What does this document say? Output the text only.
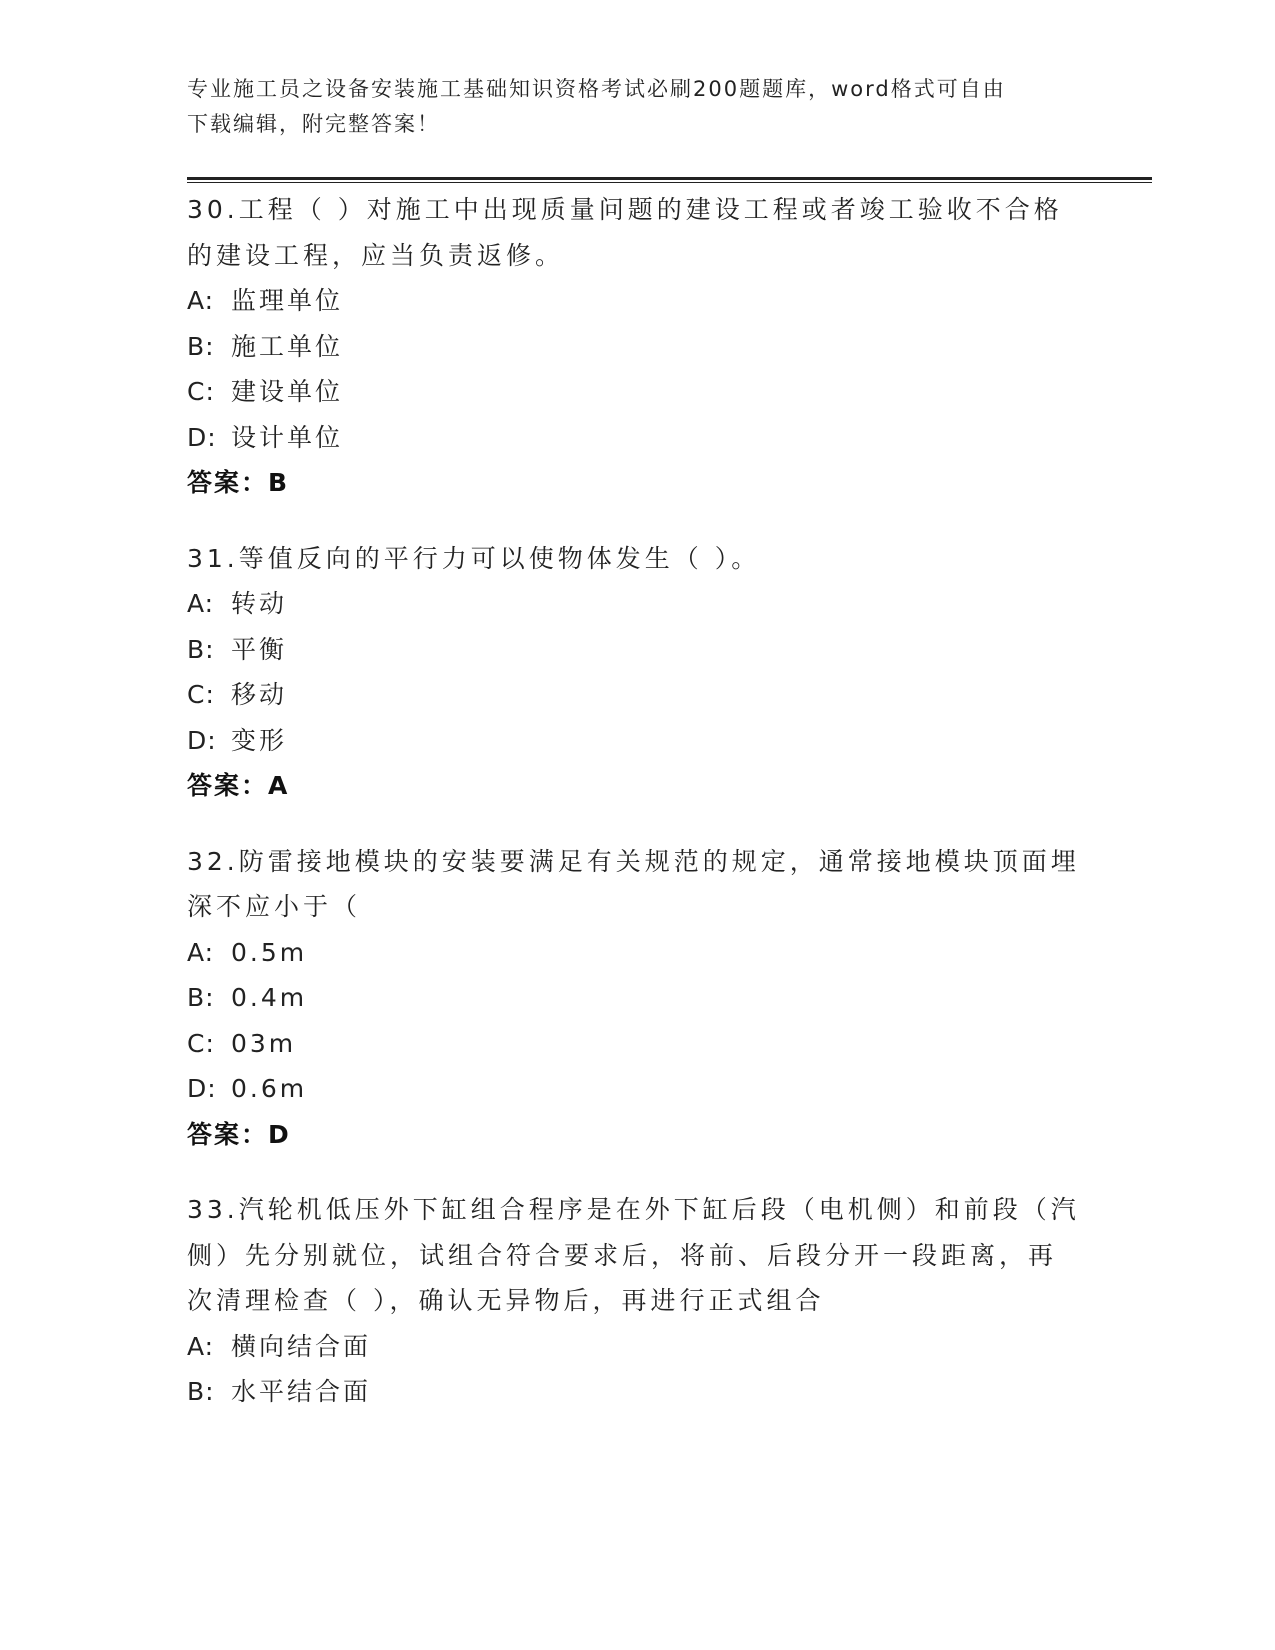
专业施工员之设备安装施工基础知识资格考试必刷200题题库，word格式可自由
下载编辑，附完整答案！

30.工程（ ）对施工中出现质量问题的建设工程或者竣工验收不合格

的建设工程，应当负责返修。

A: 监理单位

B: 施工单位

C: 建设单位

D: 设计单位

答案：B

31.等值反向的平行力可以使物体发生（ ）。

A: 转动

B: 平衡

C: 移动

D: 变形

答案：A

32.防雷接地模块的安装要满足有关规范的规定，通常接地模块顶面埋

深不应小于（

A: 0.5m

B: 0.4m

C: 03m

D: 0.6m

答案：D

33.汽轮机低压外下缸组合程序是在外下缸后段（电机侧）和前段（汽

侧）先分别就位，试组合符合要求后，将前、后段分开一段距离，再

次清理检查（ ），确认无异物后，再进行正式组合

A: 横向结合面

B: 水平结合面
